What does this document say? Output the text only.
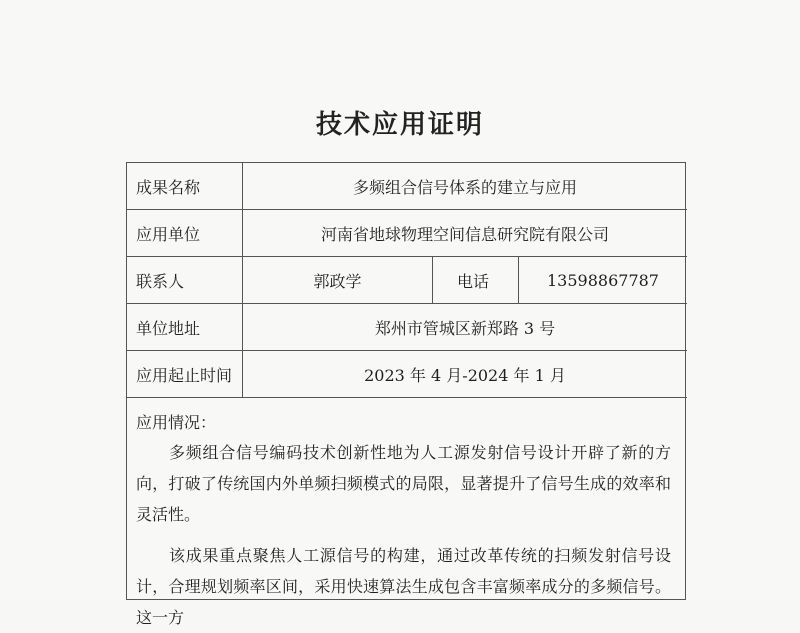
技术应用证明
成果名称	多频组合信号体系的建立与应用
应用单位	河南省地球物理空间信息研究院有限公司
联系人	郭政学	电话	13598867787
单位地址	郑州市管城区新郑路 3 号
应用起止时间	2023 年 4 月-2024 年 1 月
应用情况：

多频组合信号编码技术创新性地为人工源发射信号设计开辟了新的方向，打破了传统国内外单频扫频模式的局限，显著提升了信号生成的效率和灵活性。

该成果重点聚焦人工源信号的构建，通过改革传统的扫频发射信号设计，合理规划频率区间，采用快速算法生成包含丰富频率成分的多频信号。这一方
